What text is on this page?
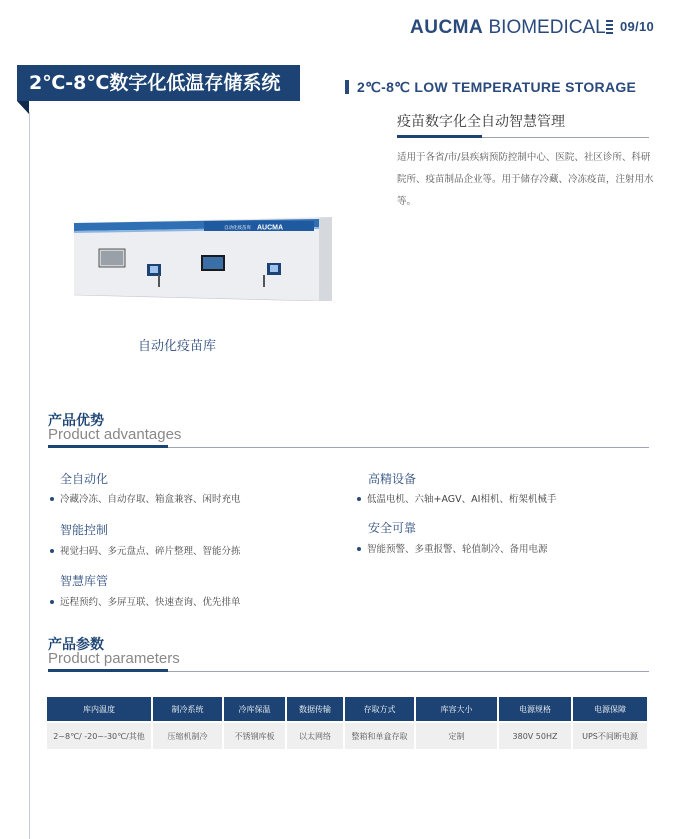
AUCMA BIOMEDICAL 09/10
2℃-8℃数字化低温存储系统	2℃-8℃ LOW TEMPERATURE STORAGE
疫苗数字化全自动智慧管理
适用于各省/市/县疾病预防控制中心、医院、社区诊所、科研院所、疫苗制品企业等。用于储存冷藏、冷冻疫苗，注射用水等。
自动化疫苗库 AUCMA
自动化疫苗库
产品优势
Product advantages
全自动化
冷藏冷冻、自动存取、箱盒兼容、闲时充电
智能控制
视觉扫码、多元盘点、碎片整理、智能分拣
智慧库管
远程预约、多屏互联、快速查询、优先排单
高精设备
低温电机、六轴+AGV、AI相机、桁架机械手
安全可靠
智能预警、多重报警、轮值制冷、备用电源
产品参数
Product parameters
库内温度	制冷系统	冷库保温	数据传输	存取方式	库容大小	电源规格	电源保障

2~8℃/ -20~-30℃/其他	压缩机制冷	不锈钢库板	以太网络	整箱和单盒存取	定制	380V 50HZ	UPS不间断电源
